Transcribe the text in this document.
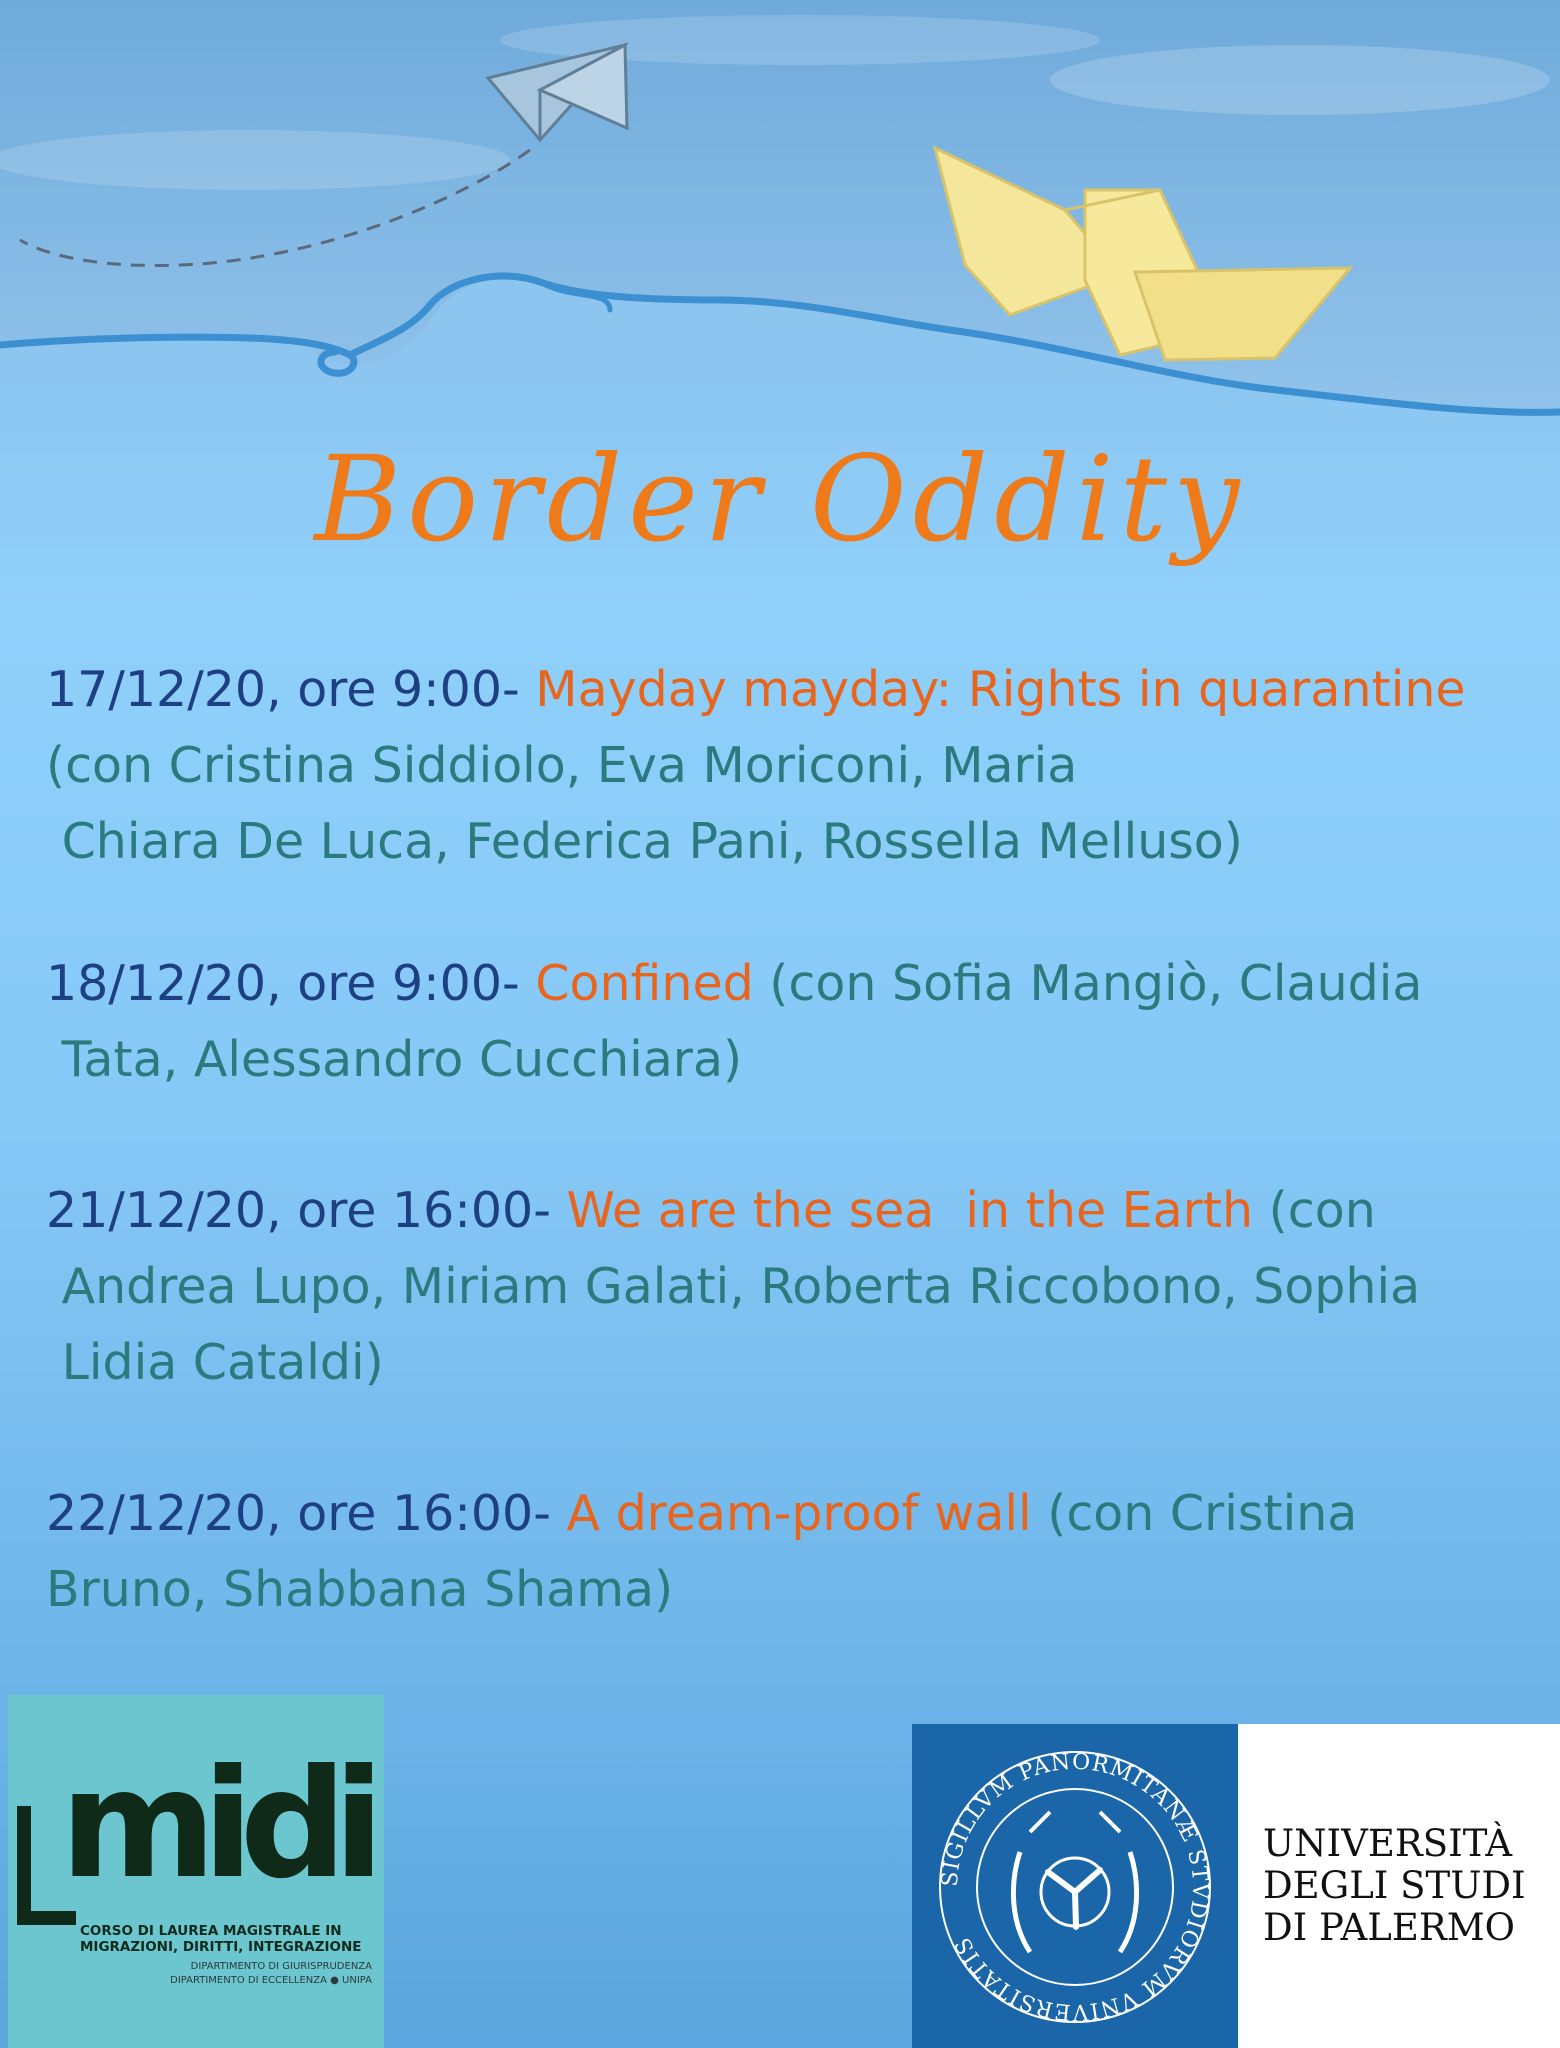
Border Oddity
17/12/20, ore 9:00- Mayday mayday: Rights in quarantine
(con Cristina Siddiolo, Eva Moriconi, Maria
Chiara De Luca, Federica Pani, Rossella Melluso)
18/12/20, ore 9:00- Confined (con Sofia Mangiò, Claudia
Tata, Alessandro Cucchiara)
21/12/20, ore 16:00- We are the sea  in the Earth (con
Andrea Lupo, Miriam Galati, Roberta Riccobono, Sophia
Lidia Cataldi)
22/12/20, ore 16:00- A dream-proof wall (con Cristina
Bruno, Shabbana Shama)
midi
CORSO DI LAUREA MAGISTRALE IN MIGRAZIONI, DIRITTI, INTEGRAZIONE
DIPARTIMENTO DI GIURISPRUDENZA DIPARTIMENTO DI ECCELLENZA ● UNIPA
SIGILLVM PANORMITANÆ STVDIORVM VNIVERSITATIS
UNIVERSITÀ
DEGLI STUDI
DI PALERMO
